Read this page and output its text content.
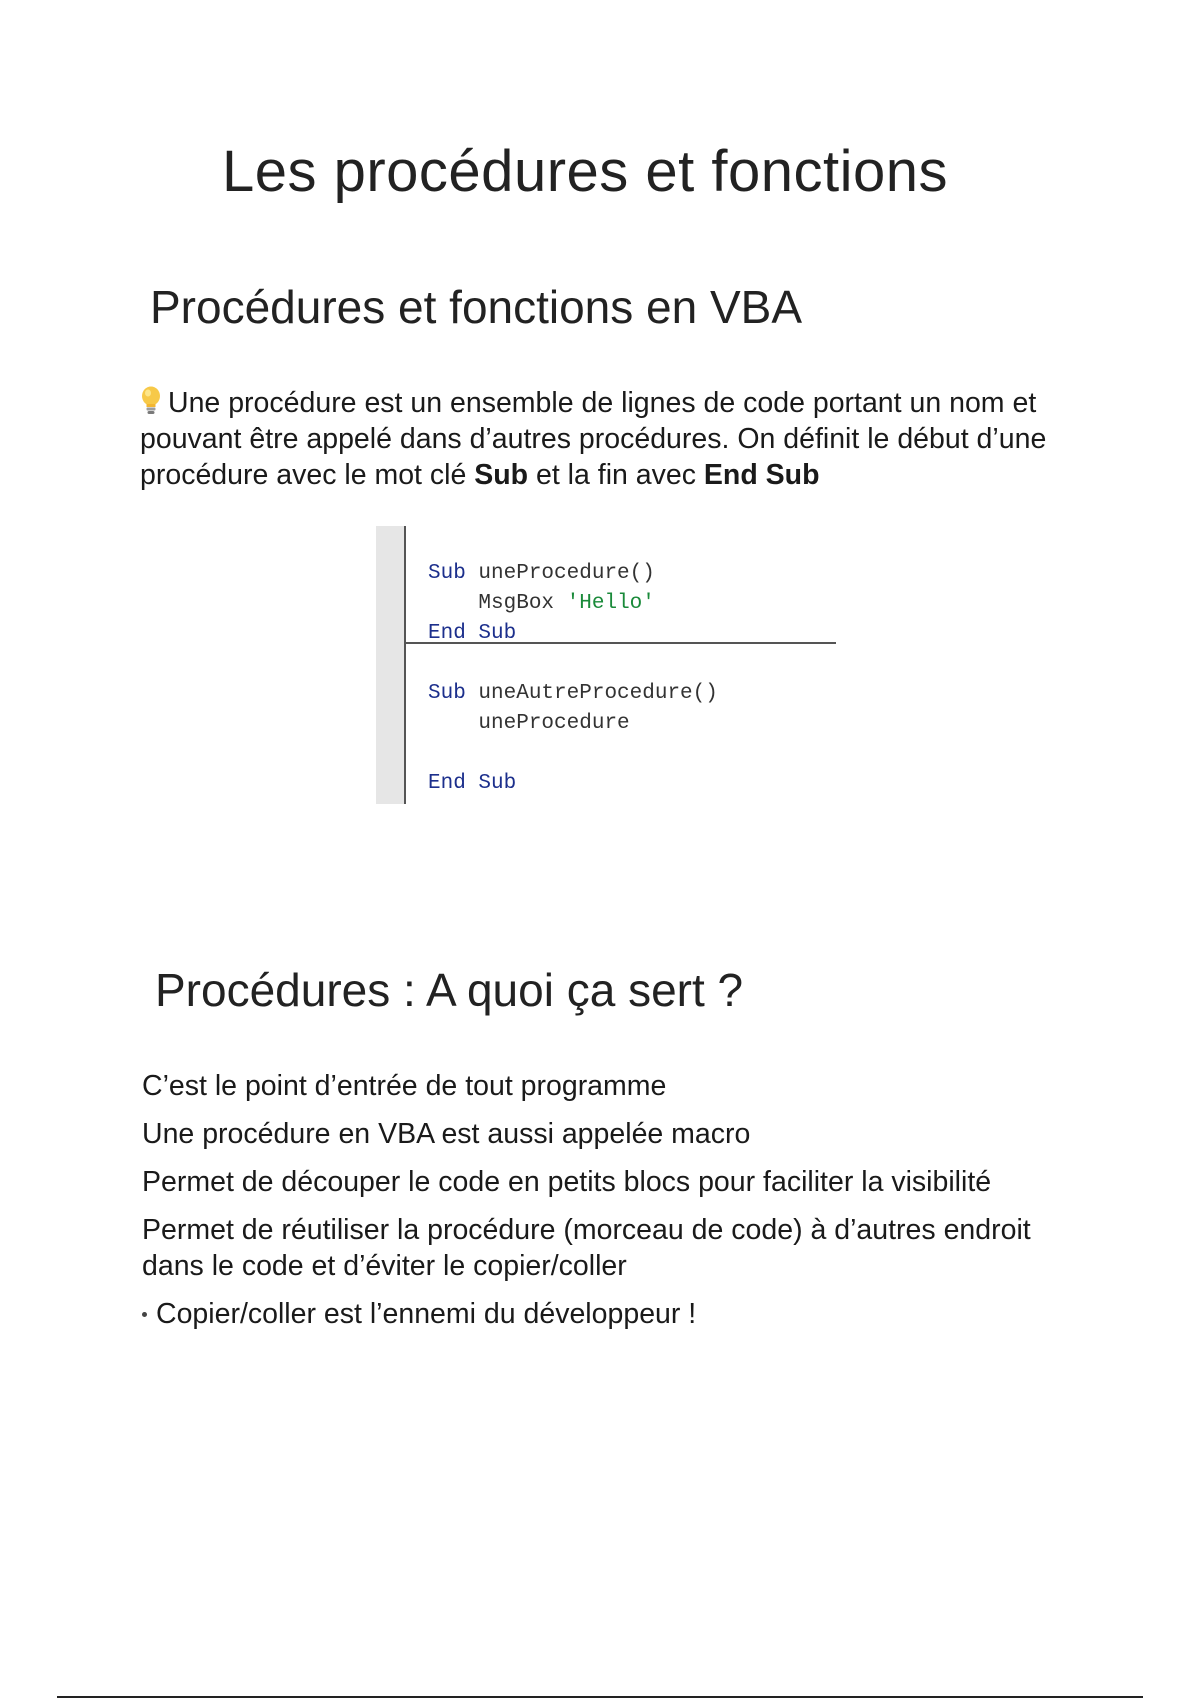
Les procédures et fonctions
Procédures et fonctions en VBA

Une procédure est un ensemble de lignes de code portant un nom et pouvant être appelé dans d’autres procédures. On définit le début d’une procédure avec le mot clé Sub et la fin avec End Sub

Sub uneProcedure()
MsgBox 'Hello'
End Sub
Sub uneAutreProcedure()
uneProcedure
End Sub
Procédures : A quoi ça sert ?
C’est le point d’entrée de tout programme
Une procédure en VBA est aussi appelée macro
Permet de découper le code en petits blocs pour faciliter la visibilité
Permet de réutiliser la procédure (morceau de code) à d’autres endroit dans le code et d’éviter le copier/coller
Copier/coller est l’ennemi du développeur !
